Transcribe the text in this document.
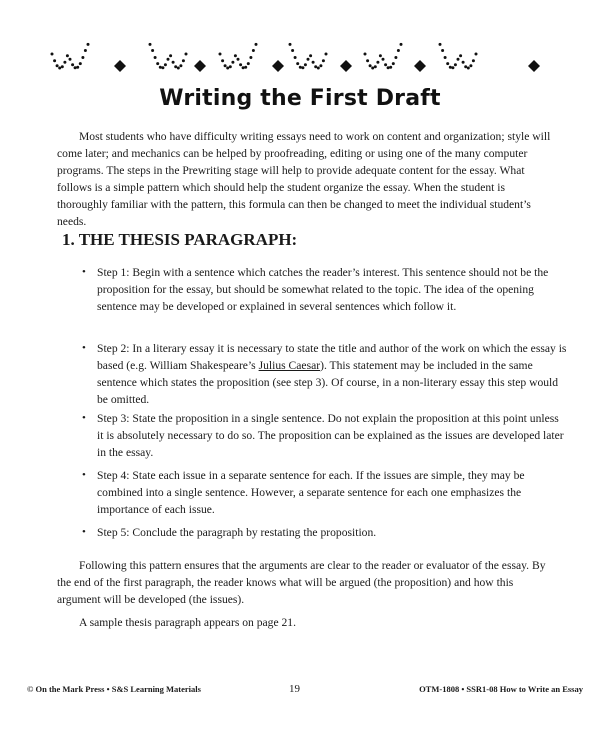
Writing the First Draft

Most students who have difficulty writing essays need to work on content and organization; style will come later; and mechanics can be helped by proofreading, editing or using one of the many computer programs. The steps in the Prewriting stage will help to provide adequate content for the essay. What follows is a simple pattern which should help the student organize the essay. When the student is thoroughly familiar with the pattern, this formula can then be changed to meet the individual student’s needs.

1. THE THESIS PARAGRAPH:

• Step 1: Begin with a sentence which catches the reader’s interest. This sentence should not be the proposition for the essay, but should be somewhat related to the topic. The idea of the opening sentence may be developed or explained in several sentences which follow it.

• Step 2: In a literary essay it is necessary to state the title and author of the work on which the essay is based (e.g. William Shakespeare’s Julius Caesar). This statement may be included in the same sentence which states the proposition (see step 3). Of course, in a non-literary essay this step would be omitted.

• Step 3: State the proposition in a single sentence. Do not explain the proposition at this point unless it is absolutely necessary to do so. The proposition can be explained as the issues are developed later in the essay.

• Step 4: State each issue in a separate sentence for each. If the issues are simple, they may be combined into a single sentence. However, a separate sentence for each one emphasizes the importance of each issue.

• Step 5: Conclude the paragraph by restating the proposition.

Following this pattern ensures that the arguments are clear to the reader or evaluator of the essay. By the end of the first paragraph, the reader knows what will be argued (the proposition) and how this argument will be developed (the issues).

A sample thesis paragraph appears on page 21.

© On the Mark Press • S&S Learning Materials	19	OTM-1808 • SSR1-08 How to Write an Essay
